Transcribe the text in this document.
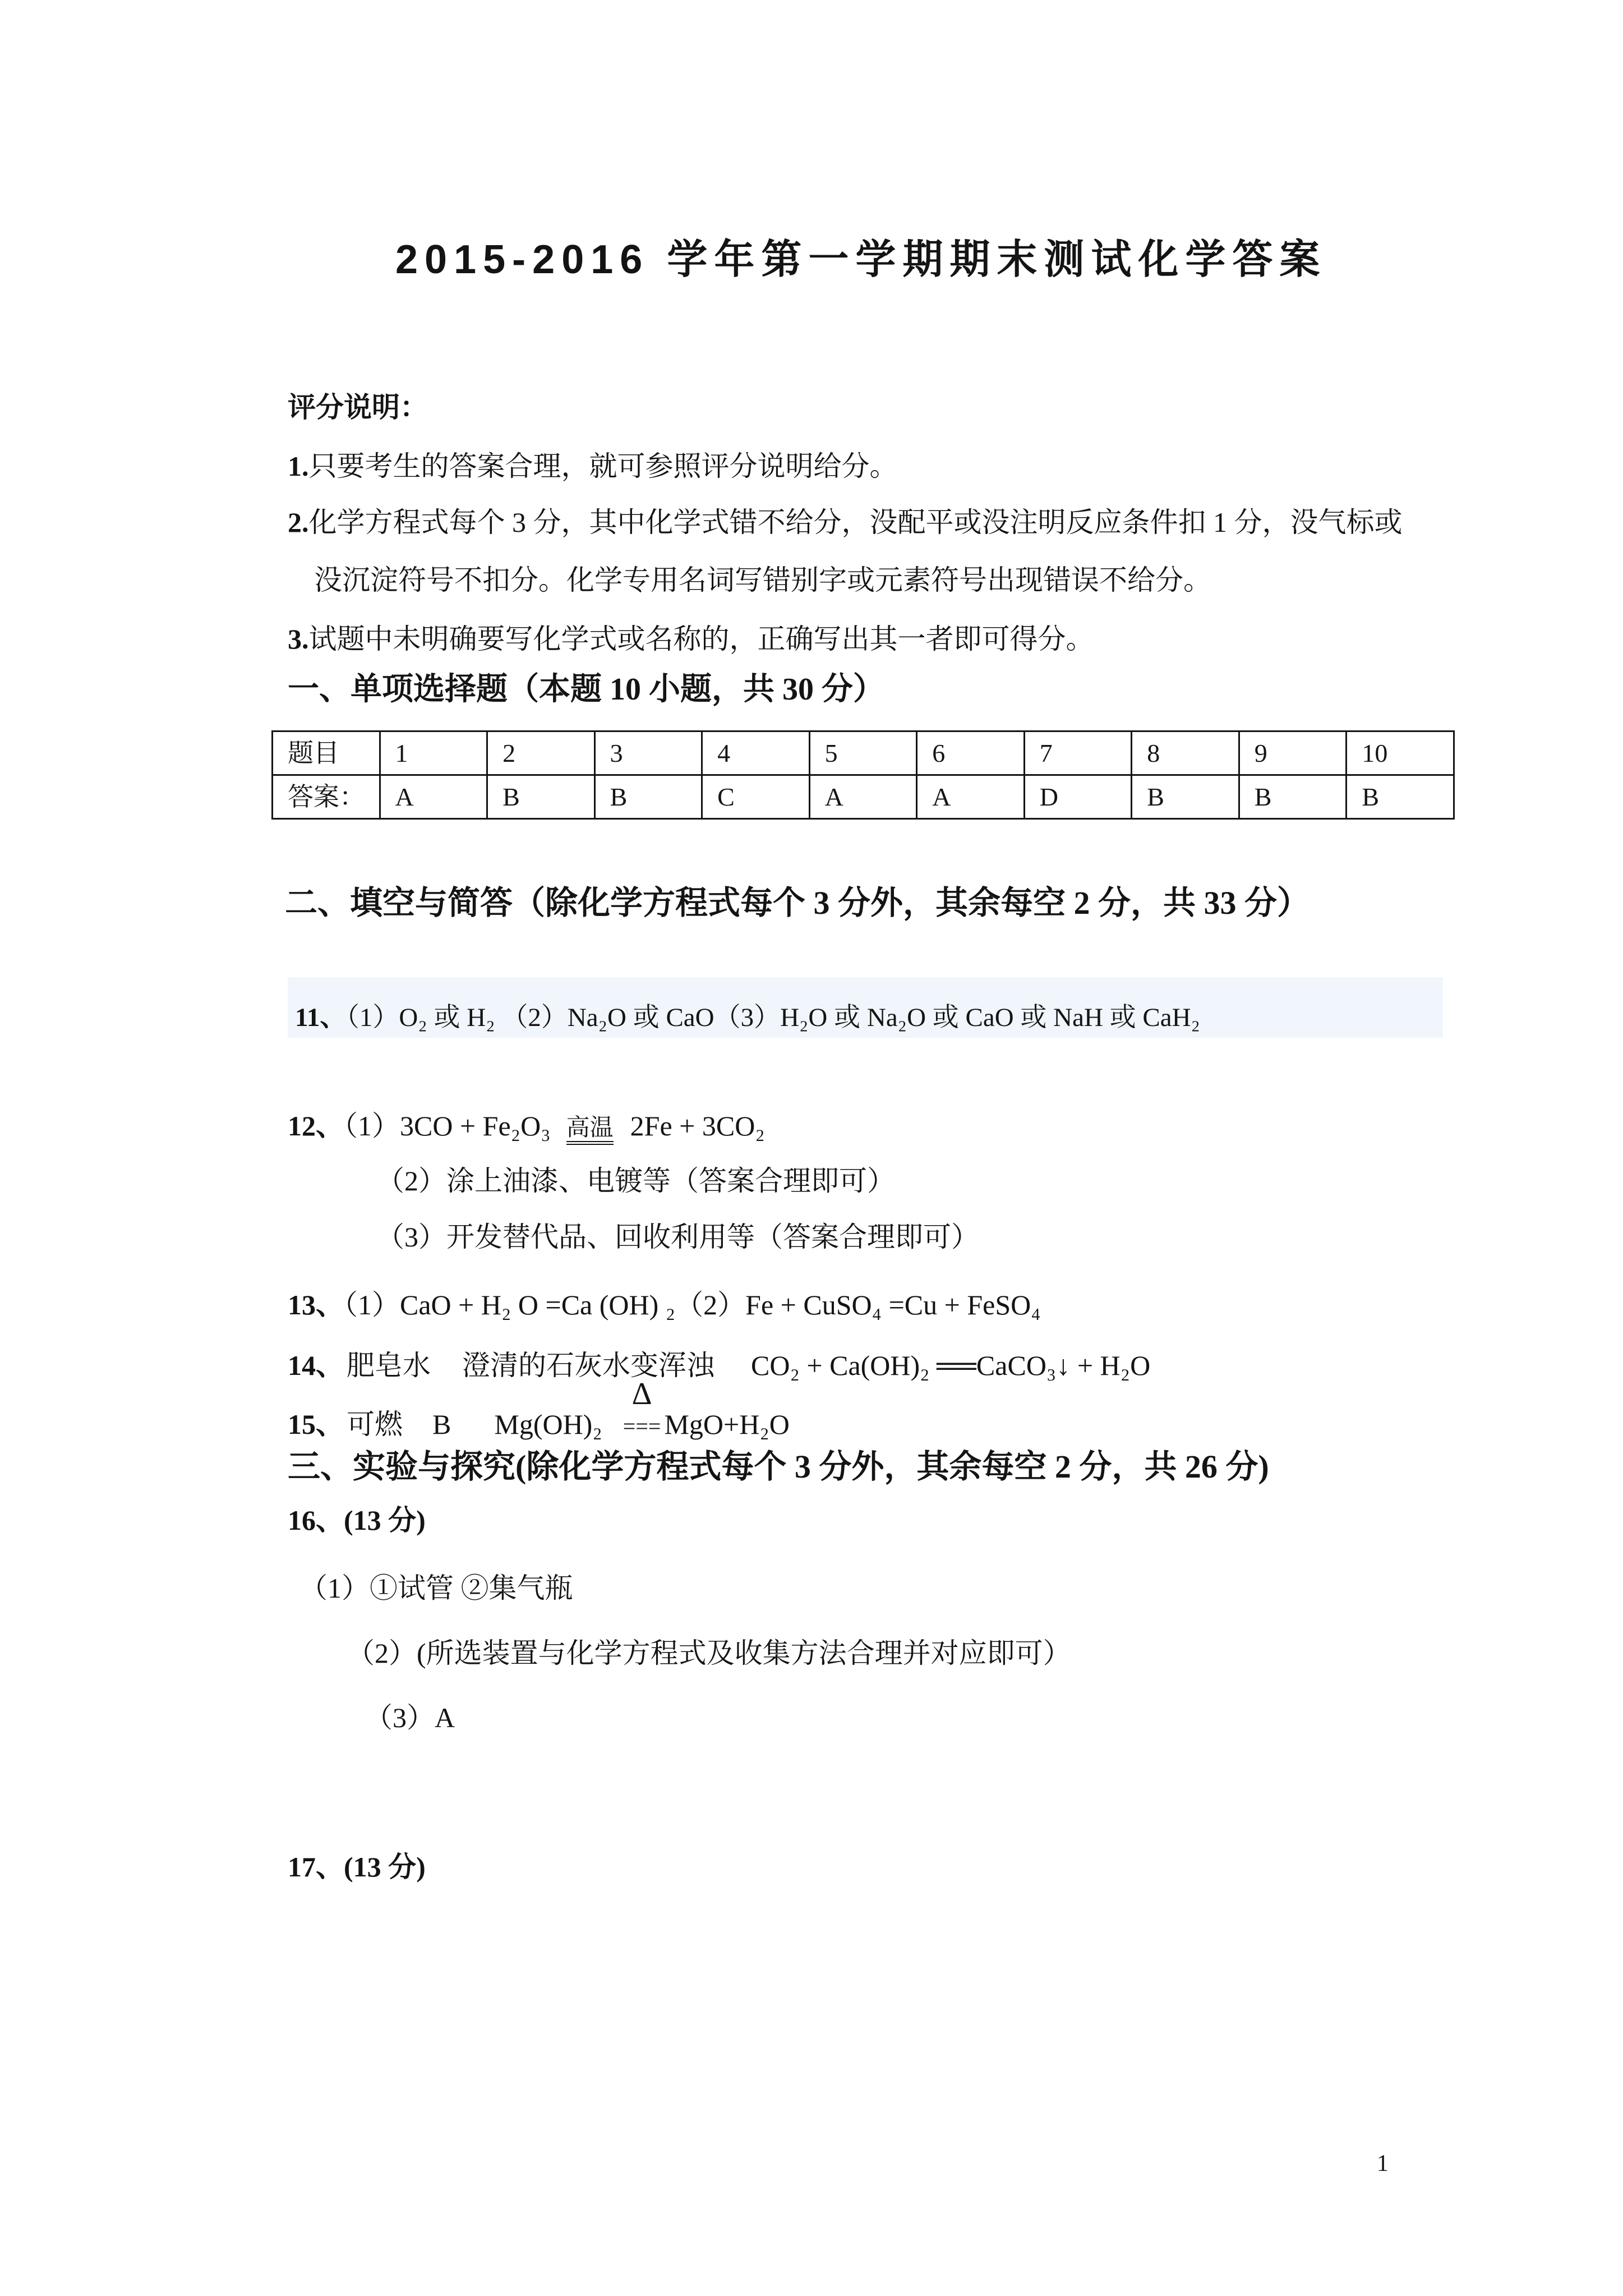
2015-2016 学年第一学期期末测试化学答案
评分说明：
1.只要考生的答案合理，就可参照评分说明给分。
2.化学方程式每个 3 分，其中化学式错不给分，没配平或没注明反应条件扣 1 分，没气标或
没沉淀符号不扣分。化学专用名词写错别字或元素符号出现错误不给分。
3.试题中未明确要写化学式或名称的，正确写出其一者即可得分。
一、单项选择题（本题 10 小题，共 30 分）
题目	1	2	3	4	5	6	7	8	9	10
答案：	A	B	B	C	A	A	D	B	B	B
二、填空与简答（除化学方程式每个 3 分外，其余每空 2 分，共 33 分）
11、（1）O₂ 或 H₂ （2）Na₂O 或 CaO（3）H₂O 或 Na₂O 或 CaO 或 NaH 或 CaH₂
12、（1）3CO + Fe₂O₃ 高温 2Fe + 3CO₂
（2）涂上油漆、电镀等（答案合理即可）
（3）开发替代品、回收利用等（答案合理即可）
13、（1）CaO + H₂ O =Ca (OH) ₂（2）Fe + CuSO₄ =Cu + FeSO₄
14、 肥皂水 澄清的石灰水变浑浊 CO₂ + Ca(OH)₂ ══CaCO₃↓ + H₂O
15、 可燃 B Mg(OH)₂ ===
Δ
MgO+H₂O
三、实验与探究(除化学方程式每个 3 分外，其余每空 2 分，共 26 分)
16、(13 分)
（1）①试管 ②集气瓶
（2）(所选装置与化学方程式及收集方法合理并对应即可）
（3）A
17、(13 分)
1
